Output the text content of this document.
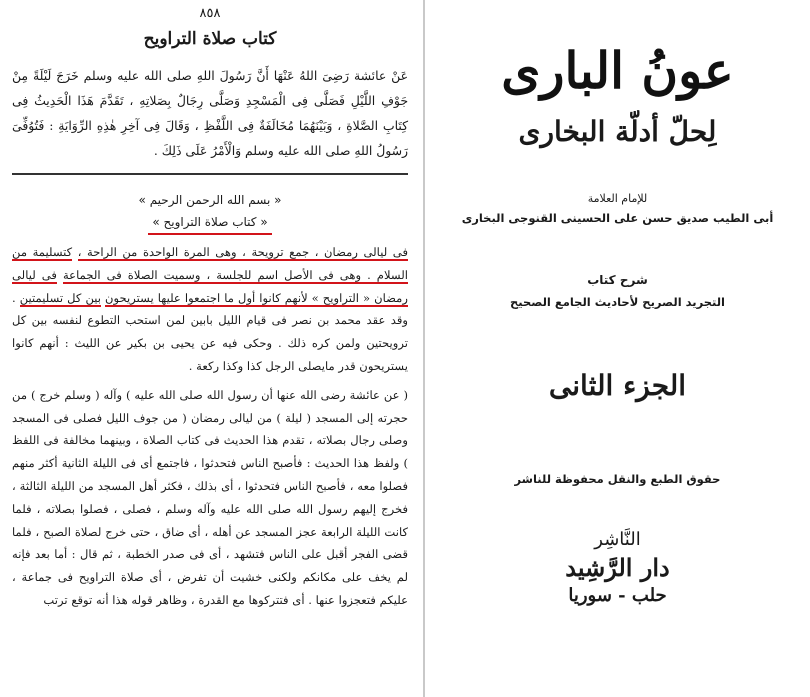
٨٥٨
كتاب صلاة التراويح

عَنْ عائشة رَضِىَ اللهُ عَنْهَا أَنَّ رَسُولَ اللهِ صلى الله عليه وسلم خَرَجَ لَيْلَةً مِنْ جَوْفِ اللَّيْلِ فَصَلَّى فِى الْمَسْجِدِ وَصَلَّى رِجَالٌ بِصَلاتِهِ ، تَقَدَّمَ هَذَا الْحَدِيثُ فِى كِتَابِ الصَّلاةِ ، وَبَيْنَهُمَا مُخَالَفَةٌ فِى اللَّفْظِ ، وَقَالَ فِى آخِرِ هٰذِهِ الرِّوَايَةِ : فَتُوُفِّىَ رَسُولُ اللهِ صلى الله عليه وسلم وَالْأَمْرُ عَلَى ذَلِكَ .

« بسم الله الرحمن الرحيم »

« كتاب صلاة التراويح »

فى ليالى رمضان ، جمع ترويحة ، وهى المرة الواحدة من الراحة ، كتسليمة من السلام . وهى فى الأصل اسم للجلسة ، وسميت الصلاة فى الجماعة فى ليالى رمضان « التراويح » لأنهم كانوا أول ما اجتمعوا عليها يستريحون بين كل تسليمتين . وقد عقد محمد بن نصر فى قيام الليل بابين لمن استحب التطوع لنفسه بين كل ترويحتين ولمن كره ذلك . وحكى فيه عن يحيى بن بكير عن الليث : أنهم كانوا يستريحون قدر مايصلى الرجل كذا وكذا ركعة .

( عن عائشة رضى الله عنها أن رسول الله صلى الله عليه ) وآله ( وسلم خرج ) من حجرته إلى المسجد ( ليلة ) من ليالى رمضان ( من جوف الليل فصلى فى المسجد وصلى رجال بصلاته ، تقدم هذا الحديث فى كتاب الصلاة ، وبينهما مخالفة فى اللفظ ) ولفظ هذا الحديث : فأصبح الناس فتحدثوا ، فاجتمع أى فى الليلة الثانية أكثر منهم فصلوا معه ، فأصبح الناس فتحدثوا ، أى بذلك ، فكثر أهل المسجد من الليلة الثالثة ، فخرج إليهم رسول الله صلى الله عليه وآله وسلم ، فصلى ، فصلوا بصلاته ، فلما كانت الليلة الرابعة عجز المسجد عن أهله ، أى ضاق ، حتى خرج لصلاة الصبح ، فلما قضى الفجر أقبل على الناس فتشهد ، أى فى صدر الخطبة ، ثم قال : أما بعد فإنه لم يخف على مكانكم ولكنى خشيت أن تفرض ، أى صلاة التراويح فى جماعة ، عليكم فتعجزوا عنها . أى فتتركوها مع القدرة ، وظاهر قوله هذا أنه توقع ترتب

عونُ البارى
لِحلّ أدلّة البخارى
للإمام العلامة
أبى الطيب صديق حسن على الحسينى القنوجى البخارى
شرح كتاب
التجريد الصريح لأحاديث الجامع الصحيح
الجزء الثانى
حقوق الطبع والنقل محفوظة للناشر
النَّاشِر
دار الرَّشِيد
حلب - سوريا
